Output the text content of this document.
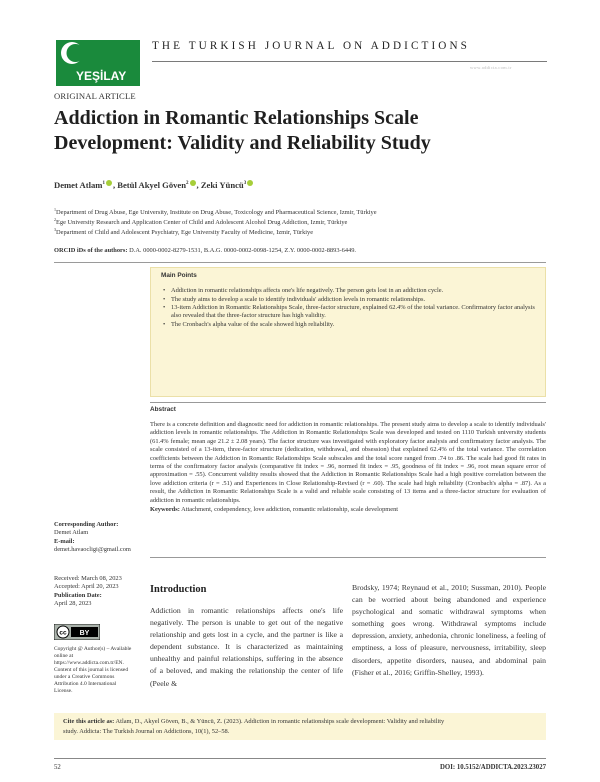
YEŞİLAY
THE TURKISH JOURNAL ON ADDICTIONS
www.addicta.com.tr
ORIGINAL ARTICLE
Addiction in Romantic Relationships Scale
Development: Validity and Reliability Study
Demet Atlam$^1$ , Betül Akyel Göven$^2$ , Zeki Yüncü$^3$
$^1$Department of Drug Abuse, Ege University, Institute on Drug Abuse, Toxicology and Pharmaceutical Science, Izmir, Türkiye
$^2$Ege University Research and Application Center of Child and Adolescent Alcohol Drug Addiction, Izmir, Türkiye
$^3$Department of Child and Adolescent Psychiatry, Ege University Faculty of Medicine, Izmir, Türkiye
ORCID iDs of the authors: D.A. 0000-0002-8279-1531, B.A.G. 0000-0002-0098-1254, Z.Y. 0000-0002-8893-6449.
Main Points
• Addiction in romantic relationships affects one's life negatively. The person gets lost in an addiction cycle.
• The study aims to develop a scale to identify individuals' addiction levels in romantic relationships.
• 13-item Addiction in Romantic Relationships Scale, three-factor structure, explained 62.4% of the total variance. Confirmatory factor analysis also revealed that the three-factor structure has high validity.
• The Cronbach's alpha value of the scale showed high reliability.
Abstract

There is a concrete definition and diagnostic need for addiction in romantic relationships. The present study aims to develop a scale to identify individuals' addiction levels in romantic relationships. The Addiction in Romantic Relationships Scale was developed and tested on 1110 Turkish university students (61.4% female; mean age 21.2 ± 2.08 years). The factor structure was investigated with exploratory factor analysis and confirmatory factor analysis. The scale consisted of a 13-item, three-factor structure (dedication, withdrawal, and obsession) that explained 62.4% of the total variance. The correlation coefficients between the Addiction in Romantic Relationships Scale subscales and the total score ranged from .74 to .86. The scale had good fit rates in terms of the confirmatory factor analysis (comparative fit index = .96, normed fit index = .95, goodness of fit index = .96, root mean square error of approximation = .55). Concurrent validity results showed that the Addiction in Romantic Relationships Scale had a high positive correlation between the love addiction criteria (r = .51) and Experiences in Close Relationship-Revised (r = .60). The scale had high reliability (Cronbach's alpha = .87). As a result, the Addiction in Romantic Relationships Scale is a valid and reliable scale consisting of 13 items and a three-factor structure for evaluation of addiction in romantic relationships.

Keywords: Attachment, codependency, love addiction, romantic relationship, scale development

Corresponding Author:
Demet Atlam
E-mail:
demet.havaocligi@gmail.com
Received: March 08, 2023
Accepted: April 20, 2023
Publication Date:
April 28, 2023
cc BY
Copyright @ Author(s) – Available online at https://www.addicta.com.tr/EN. Content of this journal is licensed under a Creative Commons Attribution 4.0 International License.
Introduction

Addiction in romantic relationships affects one's life negatively. The person is unable to get out of the negative relationship and gets lost in a cycle, and the partner is like a dependent substance. It is characterized as maintaining unhealthy and painful relationships, suffering in the absence of a beloved, and making the relationship the center of life (Peele &

Brodsky, 1974; Reynaud et al., 2010; Sussman, 2010). People can be worried about being abandoned and experience psychological and somatic withdrawal symptoms when something goes wrong. Withdrawal symptoms include depression, anxiety, anhedonia, chronic loneliness, a feeling of emptiness, a loss of pleasure, nervousness, irritability, sleep disorders, appetite disorders, nausea, and abdominal pain (Fisher et al., 2016; Griffin-Shelley, 1993).

Cite this article as: Atlam, D., Akyel Göven, B., & Yüncü, Z. (2023). Addiction in romantic relationships scale development: Validity and reliability
study. Addicta: The Turkish Journal on Addictions, 10(1), 52–58.
52	DOI: 10.5152/ADDICTA.2023.23027
